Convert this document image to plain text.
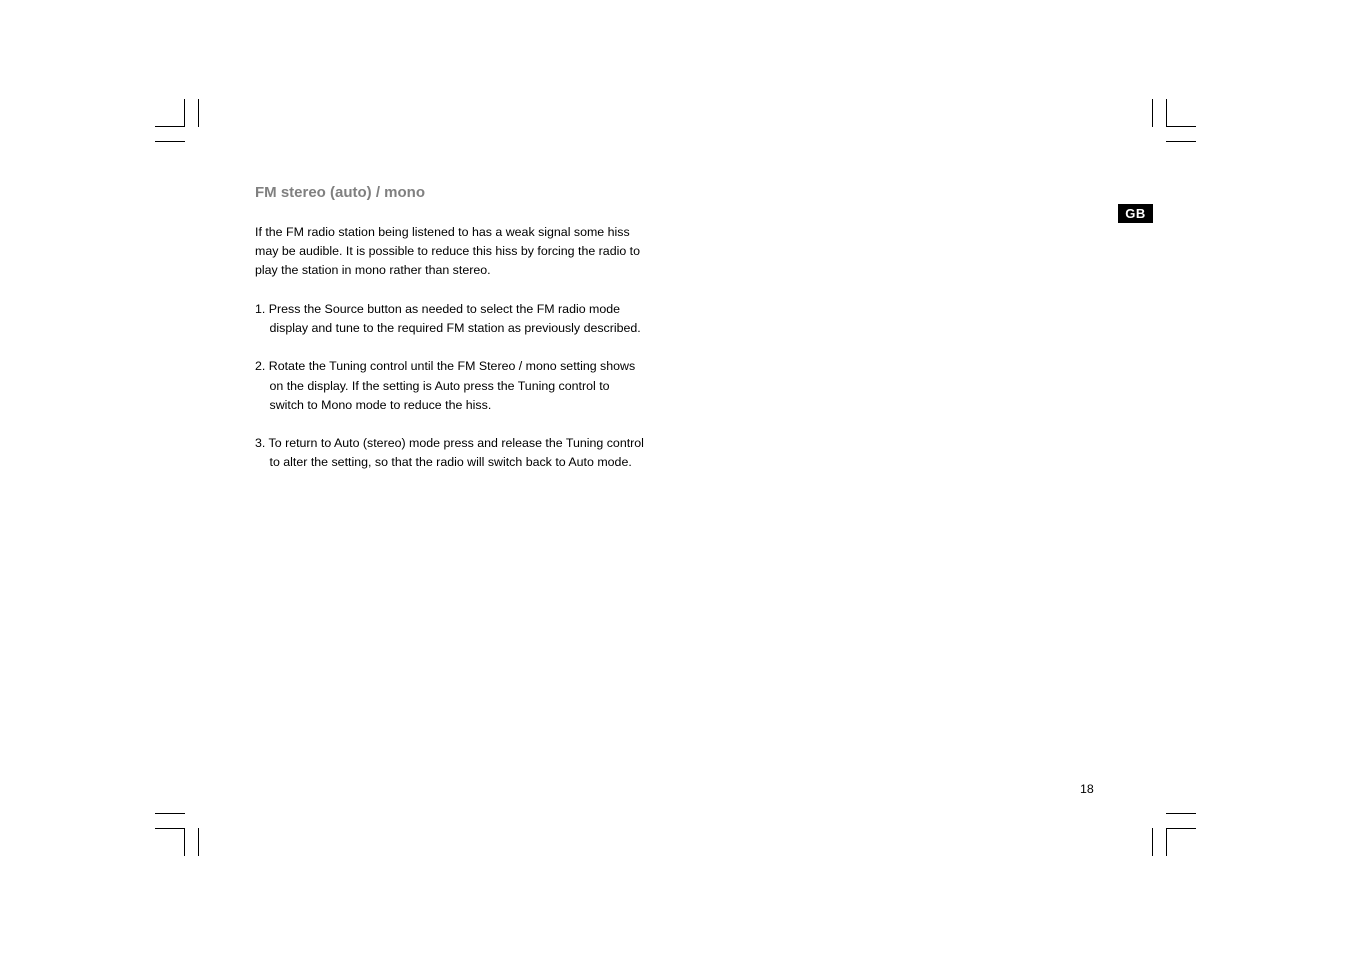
FM stereo (auto) / mono

If the FM radio station being listened to has a weak signal some hiss
may be audible. It is possible to reduce this hiss by forcing the radio to
play the station in mono rather than stereo.

1. Press the Source button as needed to select the FM radio mode
display and tune to the required FM station as previously described.
2. Rotate the Tuning control until the FM Stereo / mono setting shows
on the display. If the setting is Auto press the Tuning control to
switch to Mono mode to reduce the hiss.
3. To return to Auto (stereo) mode press and release the Tuning control
to alter the setting, so that the radio will switch back to Auto mode.
GB
18
